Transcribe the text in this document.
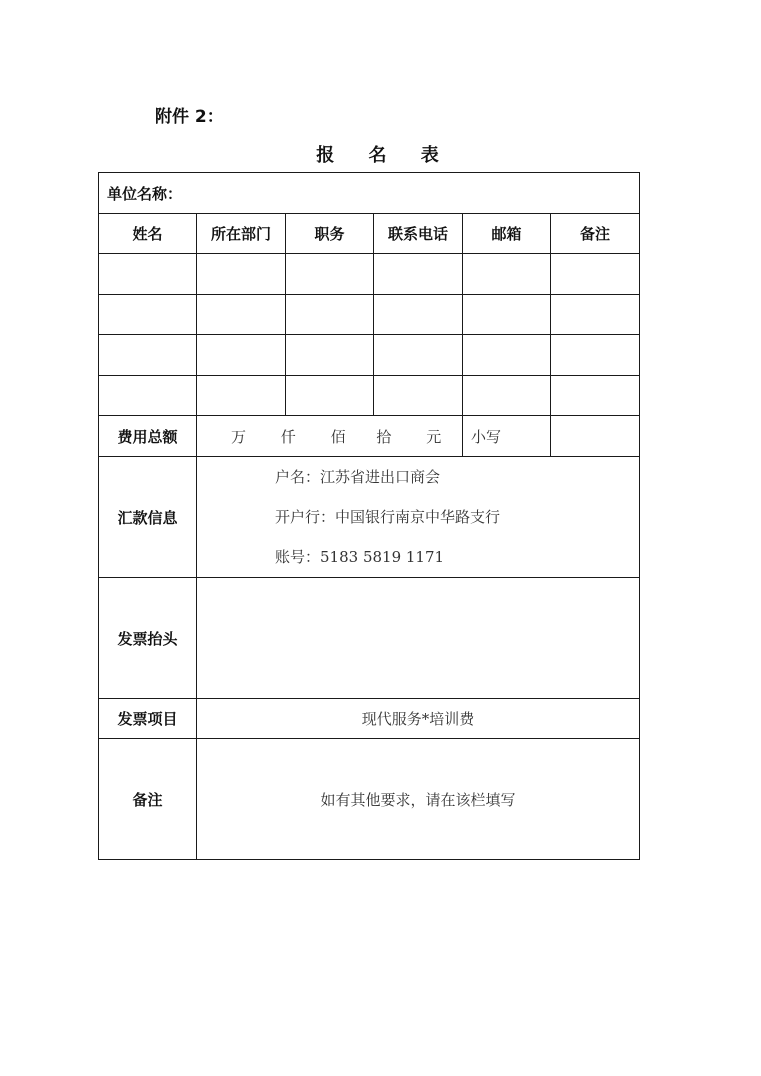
附件 2：
报 名 表
单位名称：					
姓名	所在部门	职务	联系电话	邮箱	备注

费用总额	万 仟 佰 拾 元			小写	
汇款信息	户名：江苏省进出口商会
开户行：中国银行南京中华路支行
账号：5183 5819 1171				

发票抬头					
发票项目	现代服务*培训费				
备注	如有其他要求，请在该栏填写				
